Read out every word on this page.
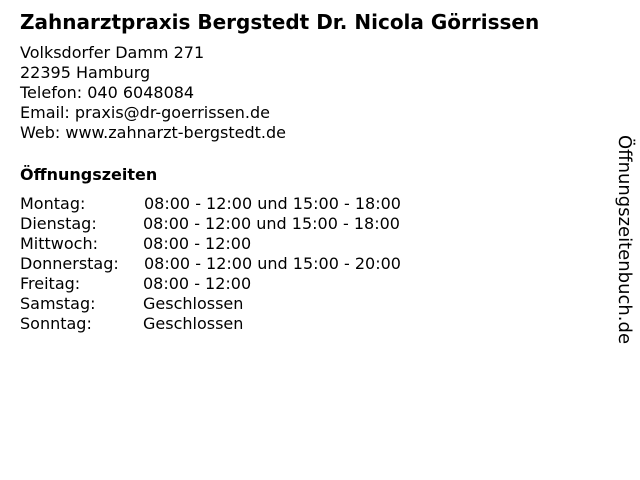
Zahnarztpraxis Bergstedt Dr. Nicola Görrissen
Volksdorfer Damm 271
22395 Hamburg
Telefon: 040 6048084
Email: praxis@dr-goerrissen.de
Web: www.zahnarzt-bergstedt.de
Öffnungszeiten
Montag:	08:00 - 12:00 und 15:00 - 18:00
Dienstag:	08:00 - 12:00 und 15:00 - 18:00
Mittwoch:	08:00 - 12:00
Donnerstag: 08:00 - 12:00 und 15:00 - 20:00
Freitag:	08:00 - 12:00
Samstag:	Geschlossen
Sonntag:	Geschlossen	Öffnungszeitenbuch.de
